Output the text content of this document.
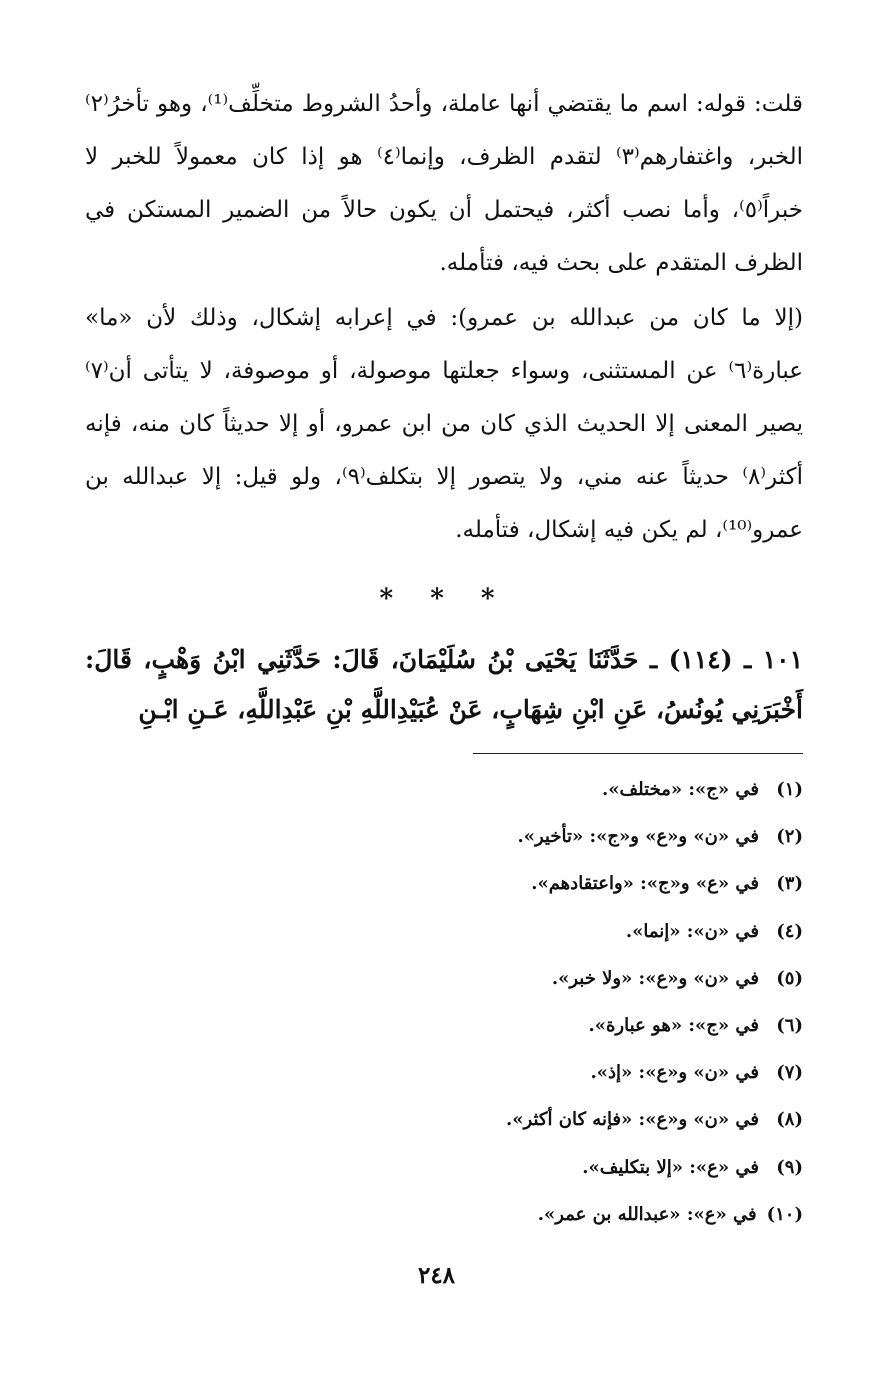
قلت: قوله: اسم ما يقتضي أنها عاملة، وأحدُ الشروط متخلِّف⁽¹⁾، وهو تأخرُ⁽٢⁾ الخبر، واغتفارهم⁽٣⁾ لتقدم الظرف، وإنما⁽٤⁾ هو إذا كان معمولاً للخبر لا خبراً⁽٥⁾، وأما نصب أكثر، فيحتمل أن يكون حالاً من الضمير المستكن في الظرف المتقدم على بحث فيه، فتأمله.

(إلا ما كان من عبدالله بن عمرو): في إعرابه إشكال، وذلك لأن «ما» عبارة⁽٦⁾ عن المستثنى، وسواء جعلتها موصولة، أو موصوفة، لا يتأتى أن⁽٧⁾ يصير المعنى إلا الحديث الذي كان من ابن عمرو، أو إلا حديثاً كان منه، فإنه أكثر⁽٨⁾ حديثاً عنه مني، ولا يتصور إلا بتكلف⁽٩⁾، ولو قيل: إلا عبدالله بن عمرو⁽¹⁰⁾، لم يكن فيه إشكال، فتأمله.

* * *

١٠١ ـ (١١٤) ـ حَدَّثَنَا يَحْيَى بْنُ سُلَيْمَانَ، قَالَ: حَدَّثَنِي ابْنُ وَهْبٍ، قَالَ: أَخْبَرَنِي يُونُسُ، عَنِ ابْنِ شِهَابٍ، عَنْ عُبَيْدِاللَّهِ بْنِ عَبْدِاللَّهِ، عَـنِ ابْـنِ

(١)في «ج»: «مختلف».
(٢)في «ن» و«ع» و«ج»: «تأخير».
(٣)في «ع» و«ج»: «واعتقادهم».
(٤)في «ن»: «إنما».
(٥)في «ن» و«ع»: «ولا خبر».
(٦)في «ج»: «هو عبارة».
(٧)في «ن» و«ع»: «إذ».
(٨)في «ن» و«ع»: «فإنه كان أكثر».
(٩)في «ع»: «إلا بتكليف».
(١٠)في «ع»: «عبدالله بن عمر».
٢٤٨
